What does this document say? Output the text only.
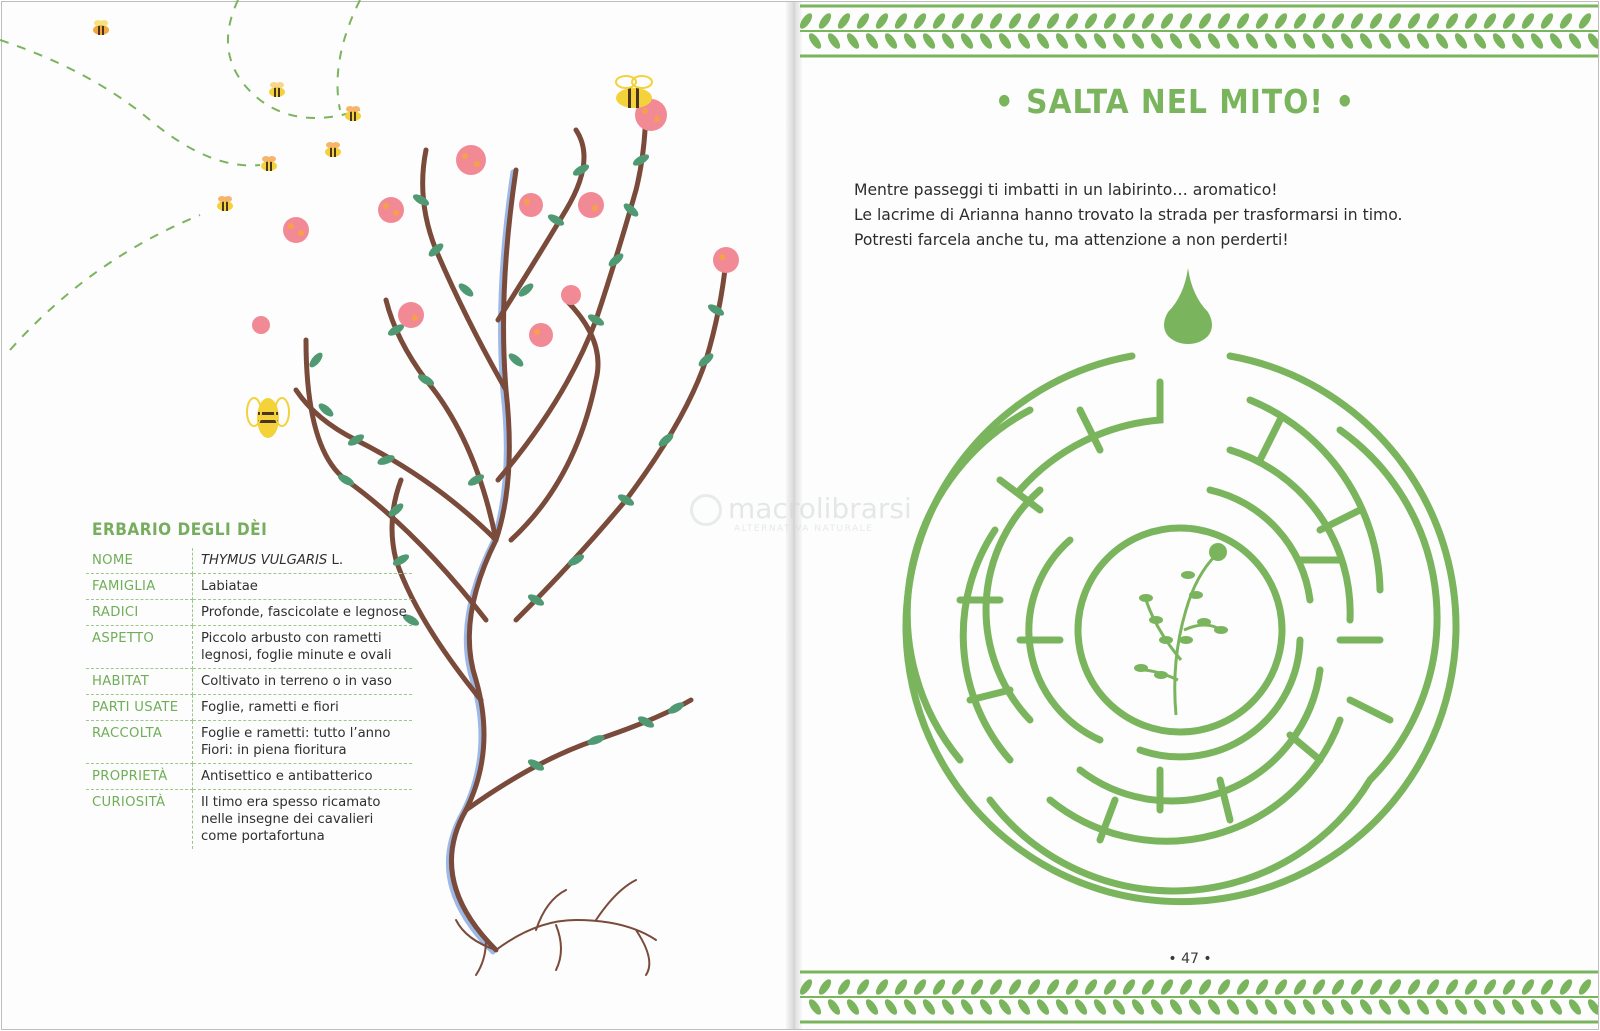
ERBARIO DEGLI DÈI
NOME	THYMUS VULGARIS L.
FAMIGLIA	Labiatae
RADICI	Profonde, fascicolate e legnose
ASPETTO	Piccolo arbusto con rametti legnosi, foglie minute e ovali
HABITAT	Coltivato in terreno o in vaso
PARTI USATE	Foglie, rametti e fiori
RACCOLTA	Foglie e rametti: tutto l’anno Fiori: in piena fioritura
PROPRIETÀ	Antisettico e antibatterico
CURIOSITÀ	Il timo era spesso ricamato nelle insegne dei cavalieri come portafortuna
• SALTA NEL MITO! •
Mentre passeggi ti imbatti in un labirinto… aromatico!
Le lacrime di Arianna hanno trovato la strada per trasformarsi in timo.
Potresti farcela anche tu, ma attenzione a non perderti!
• 47 •
macrolibrarsi
ALTERNATIVA NATURALE
